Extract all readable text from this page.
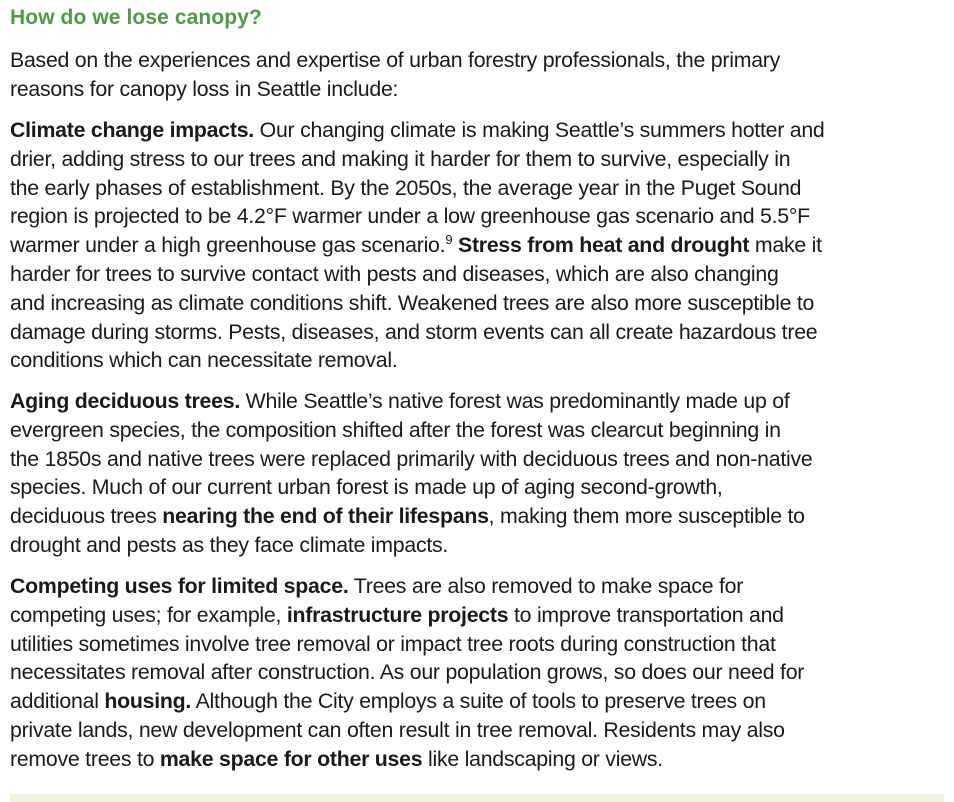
How do we lose canopy?
Based on the experiences and expertise of urban forestry professionals, the primary
reasons for canopy loss in Seattle include:
Climate change impacts. Our changing climate is making Seattle’s summers hotter and
drier, adding stress to our trees and making it harder for them to survive, especially in
the early phases of establishment. By the 2050s, the average year in the Puget Sound
region is projected to be 4.2°F warmer under a low greenhouse gas scenario and 5.5°F
warmer under a high greenhouse gas scenario.$^9$ Stress from heat and drought make it
harder for trees to survive contact with pests and diseases, which are also changing
and increasing as climate conditions shift. Weakened trees are also more susceptible to
damage during storms. Pests, diseases, and storm events can all create hazardous tree
conditions which can necessitate removal.
Aging deciduous trees. While Seattle’s native forest was predominantly made up of
evergreen species, the composition shifted after the forest was clearcut beginning in
the 1850s and native trees were replaced primarily with deciduous trees and non-native
species. Much of our current urban forest is made up of aging second-growth,
deciduous trees nearing the end of their lifespans, making them more susceptible to
drought and pests as they face climate impacts.
Competing uses for limited space. Trees are also removed to make space for
competing uses; for example, infrastructure projects to improve transportation and
utilities sometimes involve tree removal or impact tree roots during construction that
necessitates removal after construction. As our population grows, so does our need for
additional housing. Although the City employs a suite of tools to preserve trees on
private lands, new development can often result in tree removal. Residents may also
remove trees to make space for other uses like landscaping or views.
